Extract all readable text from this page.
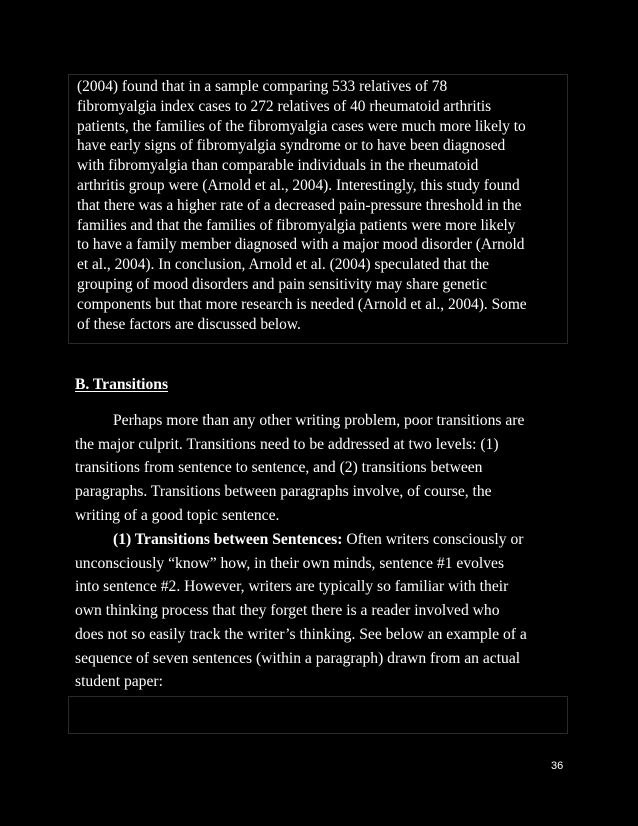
(2004) found that in a sample comparing 533 relatives of 78
fibromyalgia index cases to 272 relatives of 40 rheumatoid arthritis
patients, the families of the fibromyalgia cases were much more likely to
have early signs of fibromyalgia syndrome or to have been diagnosed
with fibromyalgia than comparable individuals in the rheumatoid
arthritis group were (Arnold et al., 2004). Interestingly, this study found
that there was a higher rate of a decreased pain-pressure threshold in the
families and that the families of fibromyalgia patients were more likely
to have a family member diagnosed with a major mood disorder (Arnold
et al., 2004). In conclusion, Arnold et al. (2004) speculated that the
grouping of mood disorders and pain sensitivity may share genetic
components but that more research is needed (Arnold et al., 2004). Some
of these factors are discussed below.

B. Transitions

Perhaps more than any other writing problem, poor transitions are
the major culprit. Transitions need to be addressed at two levels: (1)
transitions from sentence to sentence, and (2) transitions between
paragraphs. Transitions between paragraphs involve, of course, the
writing of a good topic sentence.

(1) Transitions between Sentences: Often writers consciously or
unconsciously “know” how, in their own minds, sentence #1 evolves
into sentence #2. However, writers are typically so familiar with their
own thinking process that they forget there is a reader involved who
does not so easily track the writer’s thinking. See below an example of a
sequence of seven sentences (within a paragraph) drawn from an actual
student paper:

36
